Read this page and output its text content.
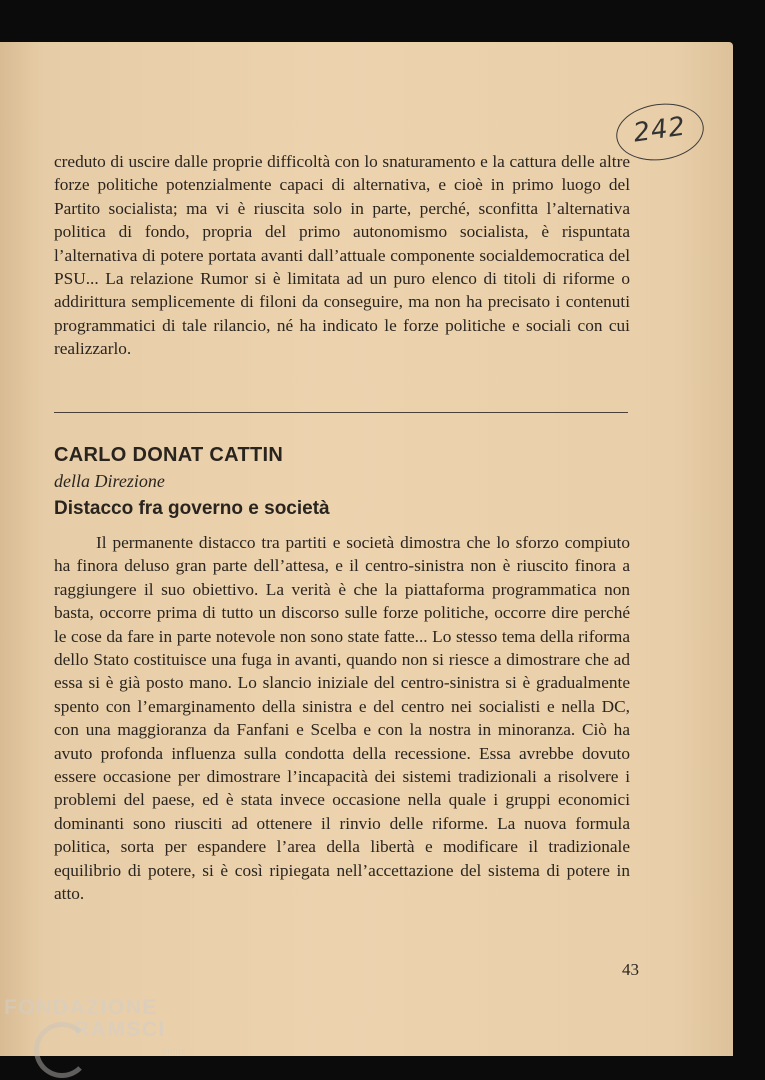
242

creduto di uscire dalle proprie difficoltà con lo snaturamento e la cattura delle altre forze politiche potenzialmente capaci di alternativa, e cioè in primo luogo del Partito socialista; ma vi è riuscita solo in parte, perché, sconfitta l’alternativa politica di fondo, propria del primo autonomismo socialista, è rispuntata l’alternativa di potere portata avanti dall’attuale componente socialdemocratica del PSU... La relazione Rumor si è limitata ad un puro elenco di titoli di riforme o addirittura semplicemente di filoni da conseguire, ma non ha precisato i contenuti programmatici di tale rilancio, né ha indicato le forze politiche e sociali con cui realizzarlo.

CARLO DONAT CATTIN
della Direzione
Distacco fra governo e società

Il permanente distacco tra partiti e società dimostra che lo sforzo compiuto ha finora deluso gran parte dell’attesa, e il centro-sinistra non è riuscito finora a raggiungere il suo obiettivo. La verità è che la piattaforma programmatica non basta, occorre prima di tutto un discorso sulle forze politiche, occorre dire perché le cose da fare in parte notevole non sono state fatte... Lo stesso tema della riforma dello Stato costituisce una fuga in avanti, quando non si riesce a dimostrare che ad essa si è già posto mano. Lo slancio iniziale del centro-sinistra si è gradualmente spento con l’emarginamento della sinistra e del centro nei socialisti e nella DC, con una maggioranza da Fanfani e Scelba e con la nostra in minoranza. Ciò ha avuto profonda influenza sulla condotta della recessione. Essa avrebbe dovuto essere occasione per dimostrare l’incapacità dei sistemi tradizionali a risolvere i problemi del paese, ed è stata invece occasione nella quale i gruppi economici dominanti sono riusciti ad ottenere il rinvio delle riforme. La nuova formula politica, sorta per espandere l’area della libertà e modificare il tradizionale equilibrio di potere, si è così ripiegata nell’accettazione del sistema di potere in atto.

43
FONDAZIONE
RAMSCI
onlus
